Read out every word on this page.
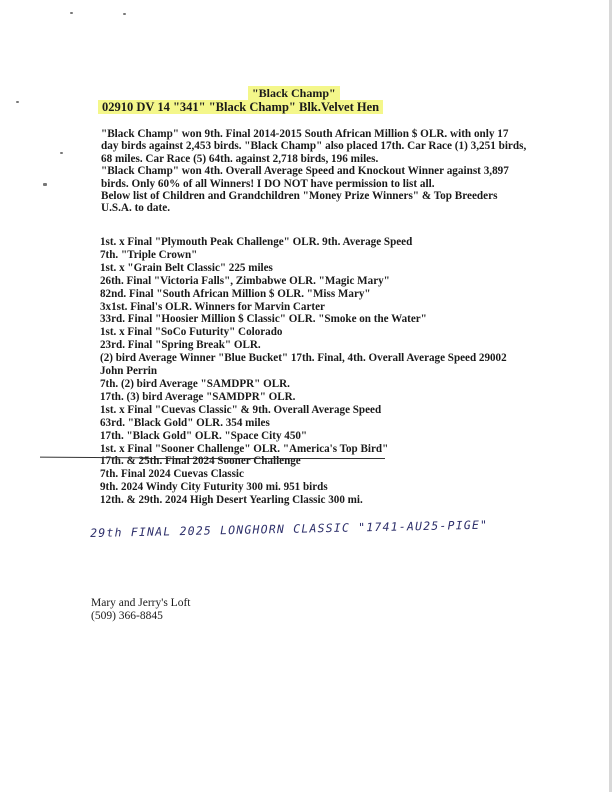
"Black Champ"
02910 DV 14 "341" "Black Champ" Blk.Velvet Hen
"Black Champ" won 9th. Final 2014-2015 South African Million $ OLR. with only 17
day birds against 2,453 birds. "Black Champ" also placed 17th. Car Race (1) 3,251 birds,
68 miles. Car Race (5) 64th. against 2,718 birds, 196 miles.
"Black Champ" won 4th. Overall Average Speed and Knockout Winner against 3,897
birds. Only 60% of all Winners! I DO NOT have permission to list all.
Below list of Children and Grandchildren "Money Prize Winners" & Top Breeders
U.S.A. to date.
1st. x Final "Plymouth Peak Challenge" OLR. 9th. Average Speed
7th. "Triple Crown"
1st. x "Grain Belt Classic" 225 miles
26th. Final "Victoria Falls", Zimbabwe OLR. "Magic Mary"
82nd. Final "South African Million $ OLR. "Miss Mary"
3x1st. Final's OLR. Winners for Marvin Carter
33rd. Final "Hoosier Million $ Classic" OLR. "Smoke on the Water"
1st. x Final "SoCo Futurity" Colorado
23rd. Final "Spring Break" OLR.
(2) bird Average Winner "Blue Bucket" 17th. Final, 4th. Overall Average Speed 29002
John Perrin
7th. (2) bird Average "SAMDPR" OLR.
17th. (3) bird Average "SAMDPR" OLR.
1st. x Final "Cuevas Classic" & 9th. Overall Average Speed
63rd. "Black Gold" OLR. 354 miles
17th. "Black Gold" OLR. "Space City 450"
1st. x Final "Sooner Challenge" OLR. "America's Top Bird"
17th. & 25th. Final 2024 Sooner Challenge
7th. Final 2024 Cuevas Classic
9th. 2024 Windy City Futurity 300 mi. 951 birds
12th. & 29th. 2024 High Desert Yearling Classic 300 mi.
29th FINAL 2025 LONGHORN CLASSIC "1741-AU25-PIGE"
Mary and Jerry's Loft
(509) 366-8845
